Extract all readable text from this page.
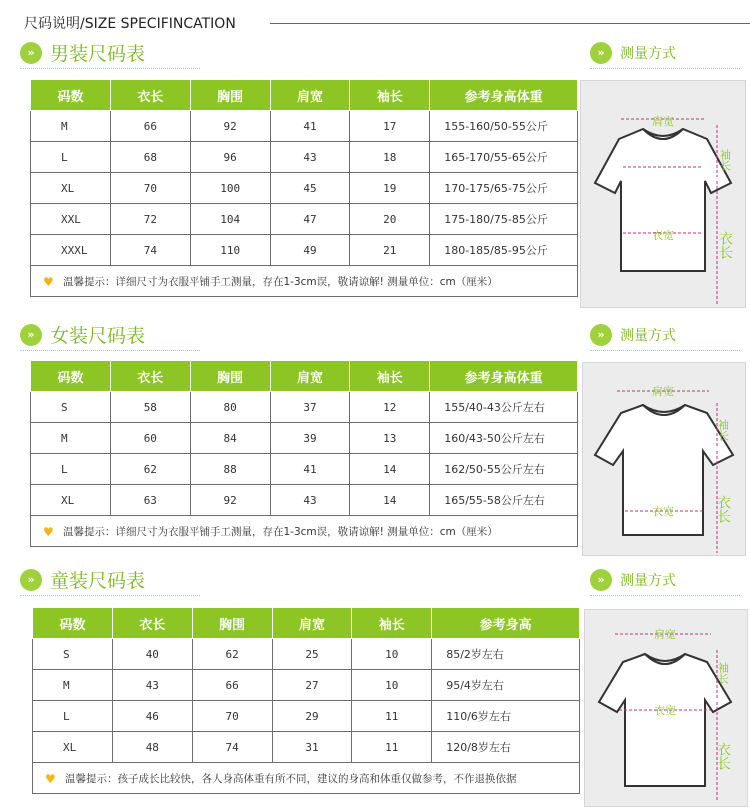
尺码说明/SIZE SPECIFINCATION
» 男装尺码表	»	测量方式
码数	衣长	胸围	肩宽	袖长	参考身高体重
M	66	92	41	17	155-160/50-55公斤
L	68	96	43	18	165-170/55-65公斤
XL	70	100	45	19	170-175/65-75公斤
XXL	72	104	47	20	175-180/75-85公斤
XXXL	74	110	49	21	180-185/85-95公斤

♥ 温馨提示：详细尺寸为衣服平铺手工测量，存在1-3cm误，敬请谅解! 测量单位：cm（厘米）					
肩宽
衣宽
袖长
衣长
» 女装尺码表	»	测量方式
码数	衣长	胸围	肩宽	袖长	参考身高体重
S	58	80	37	12	155/40-43公斤左右
M	60	84	39	13	160/43-50公斤左右
L	62	88	41	14	162/50-55公斤左右
XL	63	92	43	14	165/55-58公斤左右

♥ 温馨提示：详细尺寸为衣服平铺手工测量，存在1-3cm误，敬请谅解! 测量单位：cm（厘米）					
肩宽
衣宽
袖长
衣长
» 童装尺码表	»	测量方式
码数	衣长	胸围	肩宽	袖长	参考身高
S	40	62	25	10	85/2岁左右
M	43	66	27	10	95/4岁左右
L	46	70	29	11	110/6岁左右
XL	48	74	31	11	120/8岁左右

♥ 温馨提示：孩子成长比较快，各人身高体重有所不同，建议的身高和体重仅做参考，不作退换依据					
肩宽
衣宽
袖长
衣长
